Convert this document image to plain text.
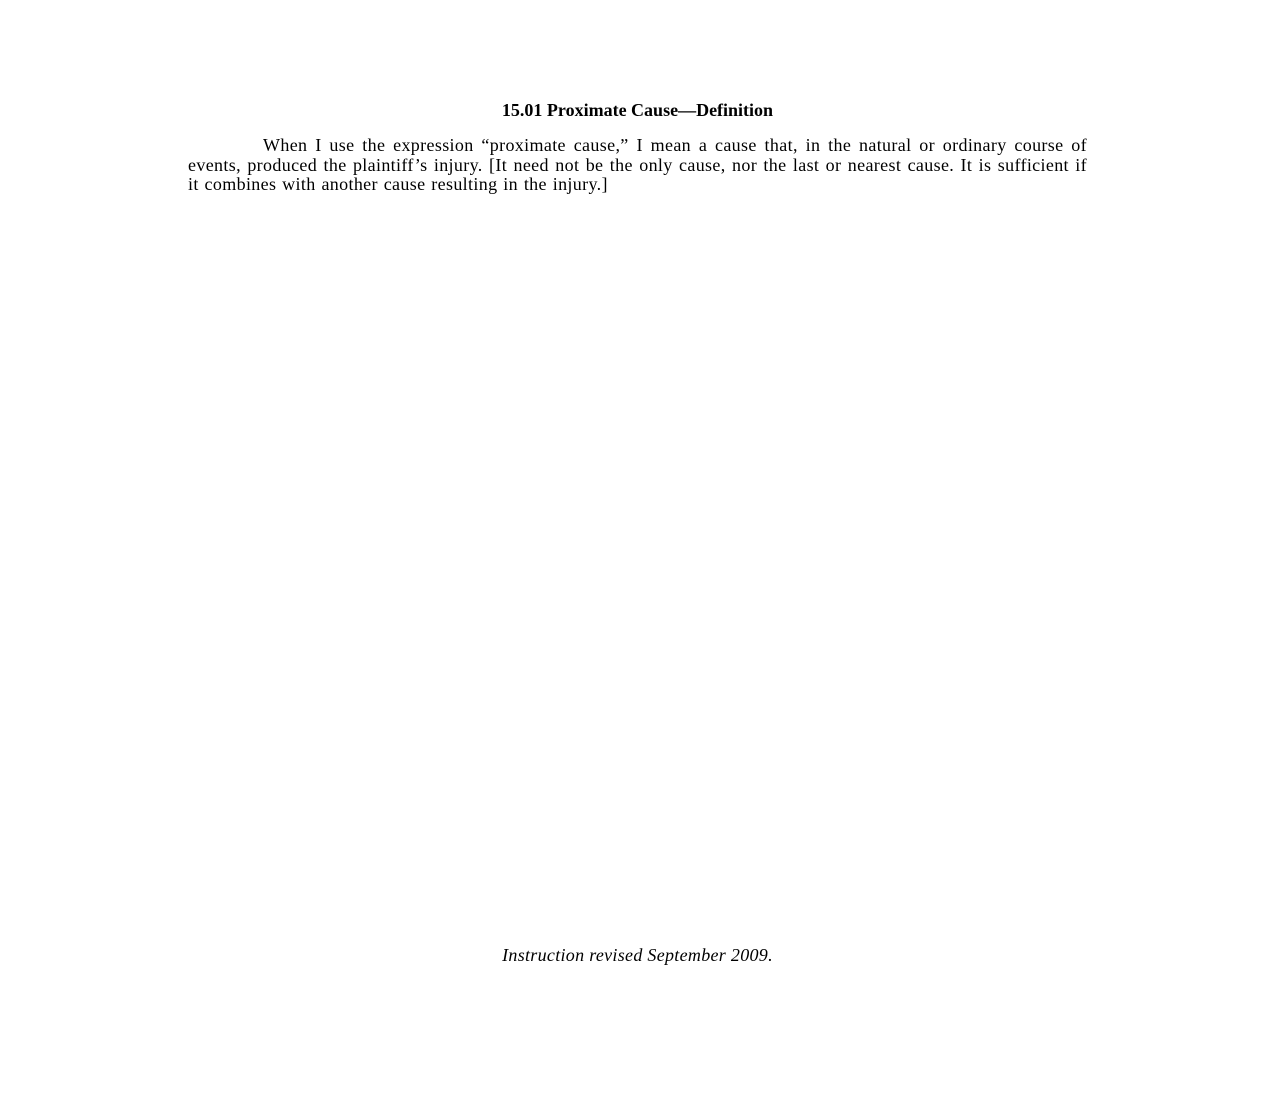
15.01 Proximate Cause—Definition

When I use the expression “proximate cause,” I mean a cause that, in the natural or ordinary course of events, produced the plaintiff’s injury. [It need not be the only cause, nor the last or nearest cause. It is sufficient if it combines with another cause resulting in the injury.]

Instruction revised September 2009.
